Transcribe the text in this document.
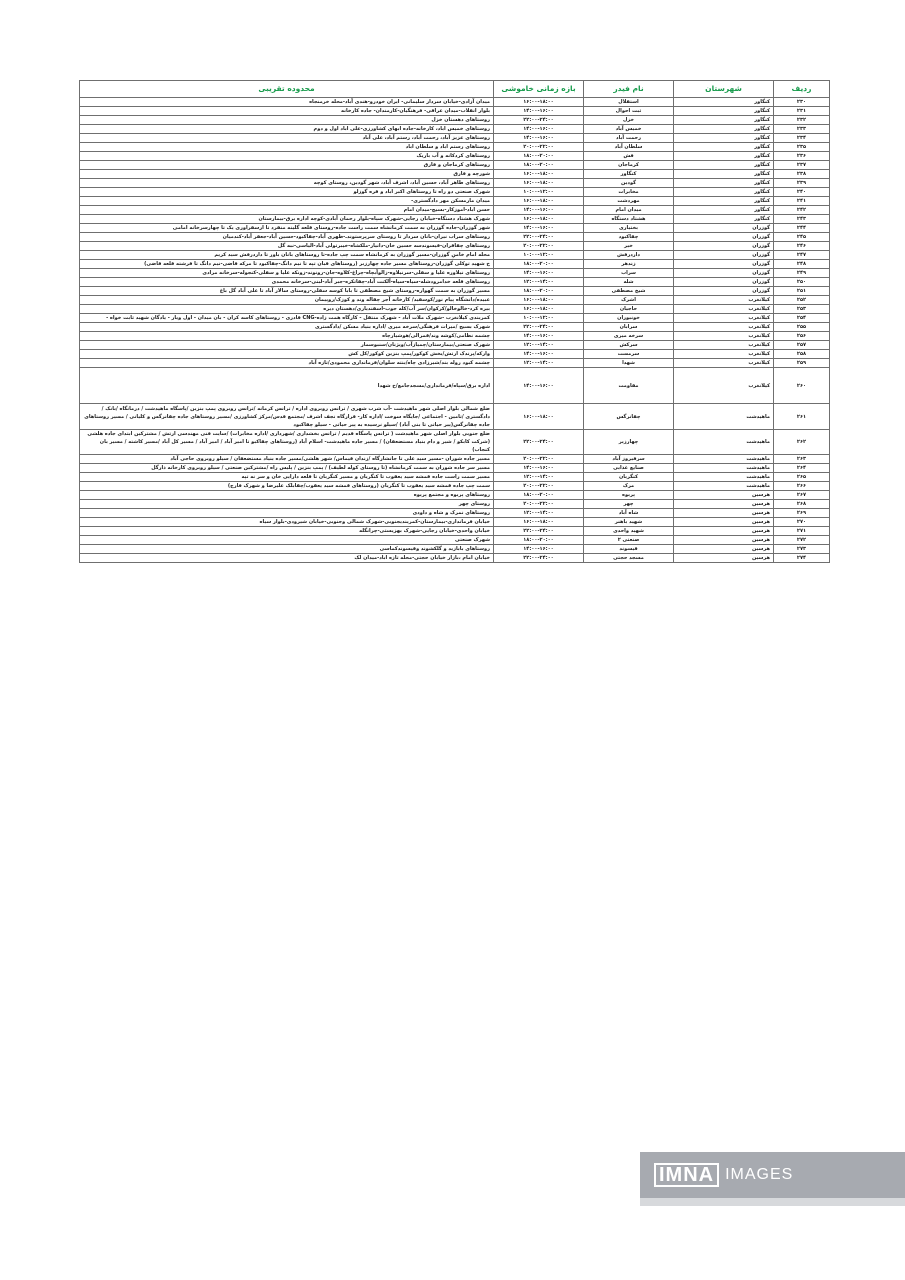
ردیف	شهرستان	نام فیدر	بازه زمانی خاموشی	محدوده تقریبی
۲۳۰	کنگاور	استقلال	۱۶:۰۰-۱۸:۰۰	میدان آزادی-خیابان سردار سلیمانی- ایران خودرو-هندی آباد-محله خرمنجاه
۲۳۱	کنگاور	ثبت احوال	۱۴:۰۰-۱۶:۰۰	بلوار انقلاب-میدان عراقی- فرهنگیان-کارمندان- جاده کارخانه
۲۳۲	کنگاور	خزل	۲۲:۰۰-۲۴:۰۰	روستاهای دهستان خزل
۲۳۳	کنگاور	خمیس آباد	۱۴:۰۰-۱۶:۰۰	روستاهای خمیس اباد، کارخانه-جاده ابهای کشاورزی-علی اباد اول و دوم
۲۳۴	کنگاور	رحمت آباد	۱۴:۰۰-۱۶:۰۰	روستاهای عزیز آباد، رحمت آباد، رستم آباد، علی آباد
۲۳۵	کنگاور	سلطان آباد	۲۰:۰۰-۲۲:۰۰	روستاهای رستم اباد و سلطان اباد
۲۳۶	کنگاور	فش	۱۸:۰۰-۲۰:۰۰	روستاهای کردکانه و آب باریک
۲۳۷	کنگاور	کرماجان	۱۸:۰۰-۲۰:۰۰	روستاهای کرماجان و فارق
۲۳۸	کنگاور	کنگاور	۱۶:۰۰-۱۸:۰۰	شورچه و فارق
۲۳۹	کنگاور	گودین	۱۶:۰۰-۱۸:۰۰	روستاهای طاهر آباد، حسین آباد، اشرف آباد، شهر گودین، روستای کوچه
۲۴۰	کنگاور	مخابرات	۱۰:۰۰-۱۲:۰۰	شهرک صنعتی دو راه تا روستاهای اکبر اباد و قره گوزلو
۲۴۱	کنگاور	مهردشت	۱۶:۰۰-۱۸:۰۰	میدان مارمسکن مهر دادگستری-
۲۴۲	کنگاور	میدان امام	۱۴:۰۰-۱۶:۰۰	حسن اباد-اموزکار-بسیج-میدان امام
۲۴۳	کنگاور	هشتاد دستگاه	۱۶:۰۰-۱۸:۰۰	شهرک هشتاد دستگاه-خیابان رجایی-شهرک سپاه-بلوار رحمان آبادی-کوچه اداره برق-بیمارستان
۲۴۴	گوزران	بختیاری	۱۴:۰۰-۱۶:۰۰	شهر گوزران-جاده گوزران به سمت کرمانشاه سمت راست جاده-روستای قلعه گلینه منفرد تا ارسفراوری یک تا چهارسرخانه امامی
۲۴۵	گوزران	چقاکبود	۲۲:۰۰-۲۴:۰۰	روستاهای سراب نیران-بانان سردار تا روستای سرپرستوندـ-ظهری آباد-چقاکبود-حسین آباد-جعفر آباد-کندمیان
۲۴۶	گوزران	خیر	۲۰:۰۰-۲۲:۰۰	روستاهای چقاقران-قیسوندسه حسین خان-دانیار-ملکشاه-خیبرتولی آباد-الیاسی-نبه گل
۲۴۷	گوزران	داردرفش	۱۰:۰۰-۱۲:۰۰	محله امام خامنِ گوزران-مسیر گوزران به کرمانشاه سمت چپ جاده-تا روستاهای بانان باور تا داردرفش سید کریم
۲۴۸	گوزران	زندهر	۱۸:۰۰-۲۰:۰۰	خ شهید توکلی گوزران-روستاهای مسیر جاده چهارزبر (روستاهای قبان تپه تا نیم دانگ-چقاکبود تا مرکه قاضی-نیم دانگ تا فرشته قلعه قاضی)
۲۴۹	گوزران	سراب	۱۴:۰۰-۱۶:۰۰	روستاهای نیلاوره علیا و سفلی-سرنیلاوه-زالوآبچاه-چراغ-کلاوه-جان-رونوند-زونکه علیا و سفلی-کنجوله-سرخانه مرادی
۲۵۰	گوزران	شله	۱۲:۰۰-۱۴:۰۰	روستاهای قلعه خدامرودشله-سیاه-سیاه-آلکنت آباد-چقاتکره-جبر آباد-لبنی-سرخانه محمدی
۲۵۱	گوزران	شیخ مصطفی	۱۸:۰۰-۲۰:۰۰	مسیر گوزران به سمت گهواره-روستای شیخ مصطفی تا بابا کوسه سفلی-روستای سالار آباد تا علی آباد گل باغ
۲۵۲	کیلانغرب	اشرک	۱۶:۰۰-۱۸:۰۰	عبیده/دانشگاه پیام نور/کوسفید/ کارخانه آجر چقاله وند و کوزک/روپیمان
۲۵۳	کیلانغرب	حاجیان	۱۶:۰۰-۱۸:۰۰	بیره کرد-خالوخالو/کرکوان/سر آب/کله جوب-اسفندیاری/دهستان دیره
۲۵۴	کیلانغرب	خونیوران	۱۰:۰۰-۱۲:۰۰	کمربندی کیلانغرب -شهرک ملات آباد - شهرک منتقل - کارگاه همت زاده-CNG قادری - روستاهای کاسه کران - بان میدان - اول ویار - یادگان شهید ثابت خواه -
۲۵۵	کیلانغرب	سرابان	۲۲:۰۰-۲۴:۰۰	شهرک بسیج /میراث فرهنگی/سرخه میری /اداره بنیاد مسکن /دادگستری
۲۵۶	کیلانغرب	سرخه میری	۱۴:۰۰-۱۶:۰۰	چشمه نظامی/کوشه وند/قمرالی/هوشیارچاه
۲۵۷	کیلانغرب	سرکش	۱۲:۰۰-۱۴:۰۰	شهرک صنعتی/بیمارستان/چمیازآب/ویژنان/سنبوسمار
۲۵۸	کیلانغرب	سرمست	۱۴:۰۰-۱۶:۰۰	وارکه/پرندک ارتش/بخش کوکور/پمپ بنزین کوکور/کل کش
۲۵۹	کیلانغرب	شهدا	۱۲:۰۰-۱۴:۰۰	چشمه کبود روله بند/شیرزادی چاه/بنته سلوان/فرمانداری محمودی/تازه آباد
۲۶۰	کیلانغرب	مقاومت	۱۴:۰۰-۱۶:۰۰	اداره برق/سپاه/فرمانداری/مسجدجامع/خ شهدا
۲۶۱	ماهیدشت	چقانرگس	۱۶:۰۰-۱۸:۰۰	ضلع شمالی بلوار اصلی شهر ماهیدشت -آب شرب شهری / ترانس روبروی اداره / ترانس کرمانه /ترانس روبروی پمپ بنزین /پاسگاه ماهیدشت / درمانگاه /بانک /دادگستری /تامین - اجتماعی /جایگاه سوخت /اداره کار- قرارگاه نجف اشرف /مجتمع قدس/مرکز کشاورزی /مسیر روستاهای جاده چقانرگس و کلیانی / مسیر روستاهای جاده چقانرگس(پیر حیاتی تا بنی آباد) /سیلو نرسیده به پیر حیاتی - سیلو چقاکبود
۲۶۲	ماهیدشت	چهارزبر	۲۲:۰۰-۲۴:۰۰	ضلع جنوبی بلوار اصلی شهر ماهیدشت ( ترانس پاسگاه قدیم / ترانس بخشداری /شهرداری /اداره مخابرات) /سایت فنی مهندسی ارتش / مشترکین ابتدای جاده هلشی (شرکت کابکو / شیر و دام بنیاد مستضعفان) / مسیر جاده ماهیدشت- اسلام آباد (روستاهای چقاکبو تا امیر آباد / امیر آباد / مسیر کل آباد /مسیر کاشته / مسیر بان کنجاب)
۲۶۳	ماهیدشت	سرفیروز آباد	۲۰:۰۰-۲۲:۰۰	مسیر جاده شوران -مسیر سید علی تا جانشارگاه /زندان قیماس/ شهر هلشی/مسیر جاده بنیاد مستضعفان / سیلو روبروی حاجی آباد
۲۶۴	ماهیدشت	صنایع غذایی	۱۴:۰۰-۱۶:۰۰	مسیر سر جاده شوران به سمت کرمانشاه (تا روستای کوله لطیف) / پمپ بنزین / پلیس راه /مشترکین صنعتی / سیلو روبروی کارخانه ذارگل
۲۶۵	ماهیدشت	کنگربان	۱۲:۰۰-۱۴:۰۰	مسیر سمت راست جاده قمشه سید یعقوب تا کنگربان و مسیر کنگربان تا قلعه دارایی خان و سر نه تپه
۲۶۶	ماهیدشت	مرک	۲۰:۰۰-۲۲:۰۰	سمت چپ جاده قمشه سید یعقوب تا کنگربان (روستاهای قمشه سید یعقوب/چقابلک علیرضا و شهرک فارج)
۲۶۷	هرسین	پربوه	۱۸:۰۰-۲۰:۰۰	روستاهای پربوه و مجتمع پربوه
۲۶۸	هرسین	چهر	۲۰:۰۰-۲۲:۰۰	روستای چهر
۲۶۹	هرسین	شاه آباد	۱۲:۰۰-۱۴:۰۰	روستاهای نمرک و شاه و داودی
۲۷۰	هرسین	شهید باهنر	۱۶:۰۰-۱۸:۰۰	خیابان فرمانداری-بیمارستان-کمربندیجنوبی-شهرک شمالی وجنوبی-خیابان شیرودی-بلوار سیاه
۲۷۱	هرسین	شهید واحدی	۲۲:۰۰-۲۴:۰۰	خیابان واحدی-خیابان رجایی-شهرک بهزیستی-چرانگله
۲۷۲	هرسین	صنعتی ۲	۱۸:۰۰-۲۰:۰۰	شهرک صنعتی
۲۷۳	هرسین	قیسوند	۱۴:۰۰-۱۶:۰۰	روستاهای بابازید و گلکشوند وقیسوندکماسی
۲۷۴	هرسین	مسجد حجتی	۲۲:۰۰-۲۴:۰۰	خیابان امام ،بازار خیابان حجتی-محله تازه اباد-میدان لک
IMNA IMAGES
